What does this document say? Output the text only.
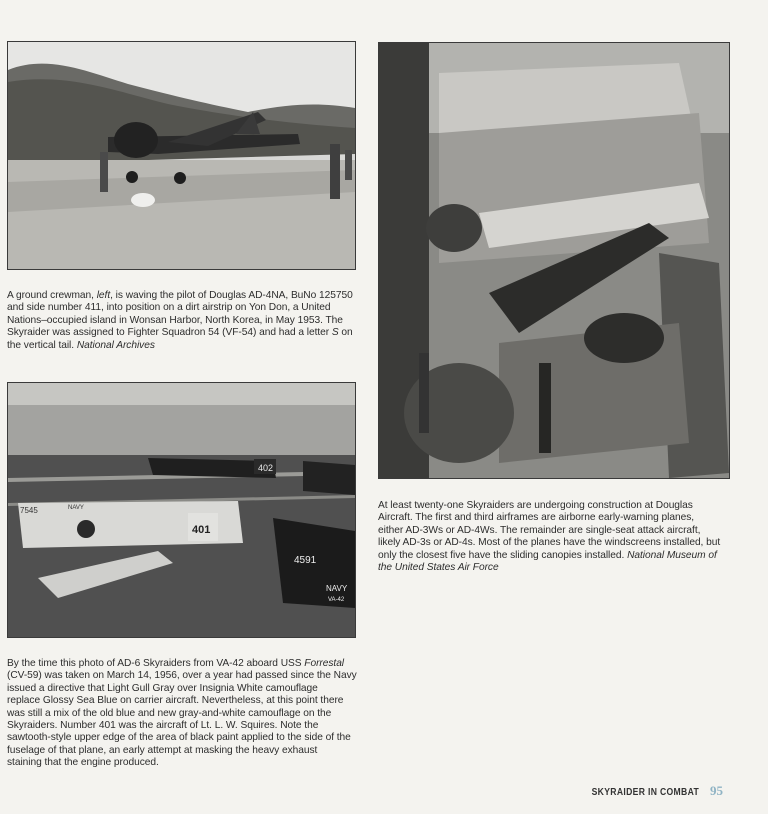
A ground crewman, left, is waving the pilot of Douglas AD-4NA, BuNo 125750
and side number 411, into position on a dirt airstrip on Yon Don, a United
Nations–occupied island in Wonsan Harbor, North Korea, in May 1953. The
Skyraider was assigned to Fighter Squadron 54 (VF-54) and had a letter S on
the vertical tail. National Archives
At least twenty-one Skyraiders are undergoing construction at Douglas
Aircraft. The first and third airframes are airborne early-warning planes,
either AD-3Ws or AD-4Ws. The remainder are single-seat attack aircraft,
likely AD-3s or AD-4s. Most of the planes have the windscreens installed, but
only the closest five have the sliding canopies installed. National Museum of
the United States Air Force
402
401
7545
4591
NAVY
VA-42
NAVY
By the time this photo of AD-6 Skyraiders from VA-42 aboard USS Forrestal
(CV-59) was taken on March 14, 1956, over a year had passed since the Navy
issued a directive that Light Gull Gray over Insignia White camouflage
replace Glossy Sea Blue on carrier aircraft. Nevertheless, at this point there
was still a mix of the old blue and new gray-and-white camouflage on the
Skyraiders. Number 401 was the aircraft of Lt. L. W. Squires. Note the
sawtooth-style upper edge of the area of black paint applied to the side of the
fuselage of that plane, an early attempt at masking the heavy exhaust
staining that the engine produced.
SKYRAIDER IN COMBAT 95
